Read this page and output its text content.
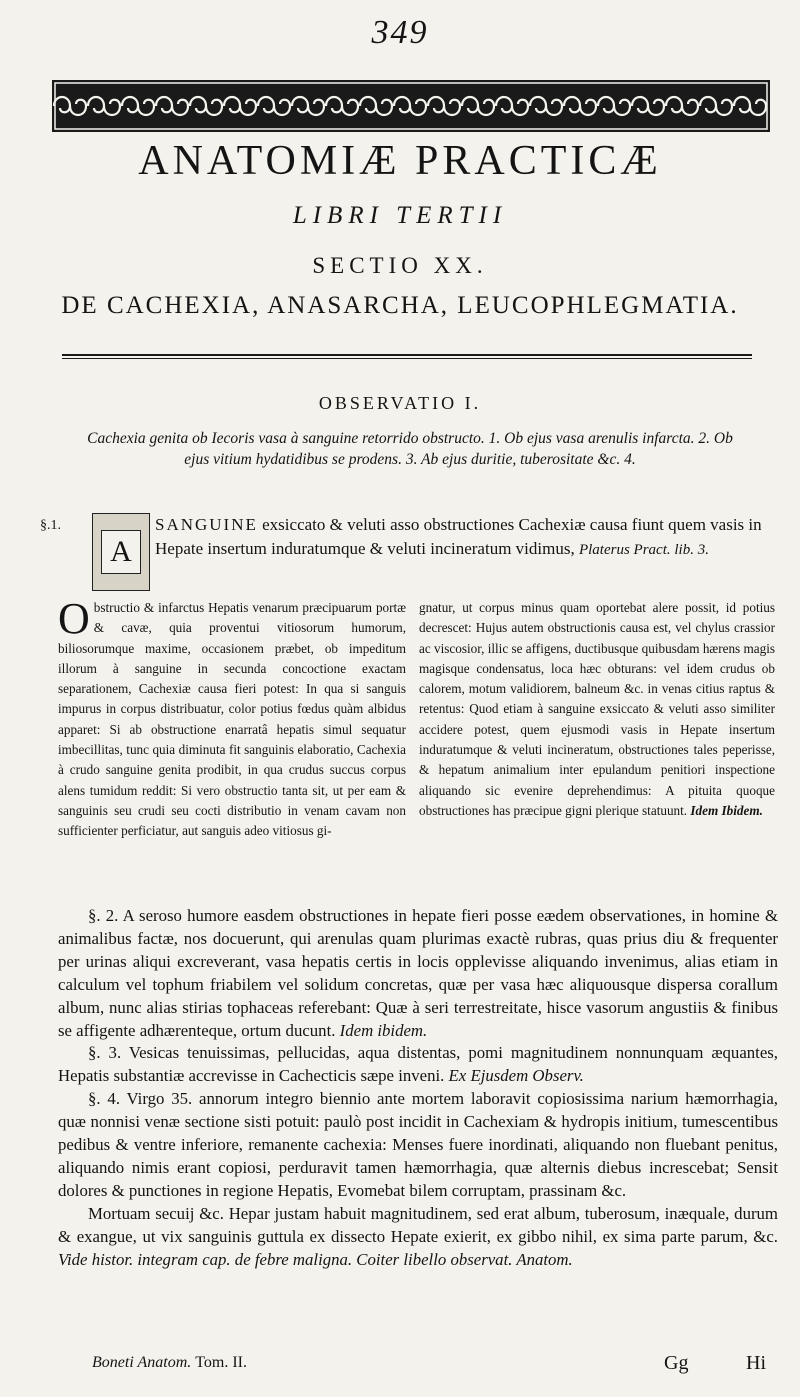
349
ANATOMIÆ PRACTICÆ
LIBRI TERTII
SECTIO XX.
DE CACHEXIA, ANASARCHA, LEUCOPHLEGMATIA.
OBSERVATIO I.
Cachexia genita ob Iecoris vasa à sanguine retorrido obstructo. 1. Ob ejus vasa arenulis infarcta. 2. Ob ejus vitium hydatidibus se prodens. 3. Ab ejus duritie, tuberositate &c. 4.
§.1.
A
SANGUINE exsiccato & veluti asso obstructiones Cachexiæ causa fiunt quem vasis in Hepate insertum induratumque & veluti incineratum vidimus, Platerus Pract. lib. 3.
Obstructio & infarctus Hepatis venarum præcipuarum portæ & cavæ, quia proventui vitiosorum humorum, biliosorumque maxime, occasionem præbet, ob impeditum illorum à sanguine in secunda concoctione exactam separationem, Cachexiæ causa fieri potest: In qua si sanguis impurus in corpus distribuatur, color potius fœdus quàm albidus apparet: Si ab obstructione enarratâ hepatis simul sequatur imbecillitas, tunc quia diminuta fit sanguinis elaboratio, Cachexia à crudo sanguine genita prodibit, in qua crudus succus corpus alens tumidum reddit: Si vero obstructio tanta sit, ut per eam & sanguinis seu crudi seu cocti distributio in venam cavam non sufficienter perficiatur, aut sanguis adeo vitiosus gi-
gnatur, ut corpus minus quam oportebat alere possit, id potius decrescet: Hujus autem obstructionis causa est, vel chylus crassior ac viscosior, illic se affigens, ductibusque quibusdam hærens magis magisque condensatus, loca hæc obturans: vel idem crudus ob calorem, motum validiorem, balneum &c. in venas citius raptus & retentus: Quod etiam à sanguine exsiccato & veluti asso similiter accidere potest, quem ejusmodi vasis in Hepate insertum induratumque & veluti incineratum, obstructiones tales peperisse, & hepatum animalium inter epulandum penitiori inspectione aliquando sic evenire deprehendimus: A pituita quoque obstructiones has præcipue gigni plerique statuunt. Idem Ibidem.

§. 2. A seroso humore easdem obstructiones in hepate fieri posse eædem observationes, in homine & animalibus factæ, nos docuerunt, qui arenulas quam plurimas exactè rubras, quas prius diu & frequenter per urinas aliqui excreverant, vasa hepatis certis in locis opplevisse aliquando invenimus, alias etiam in calculum vel tophum friabilem vel solidum concretas, quæ per vasa hæc aliquousque dispersa corallum album, nunc alias stirias tophaceas referebant: Quæ à seri terrestreitate, hisce vasorum angustiis & finibus se affigente adhærenteque, ortum ducunt. Idem ibidem.

§. 3. Vesicas tenuissimas, pellucidas, aqua distentas, pomi magnitudinem nonnunquam æquantes, Hepatis substantiæ accrevisse in Cachecticis sæpe inveni. Ex Ejusdem Observ.

§. 4. Virgo 35. annorum integro biennio ante mortem laboravit copiosissima narium hæmorrhagia, quæ nonnisi venæ sectione sisti potuit: paulò post incidit in Cachexiam & hydropis initium, tumescentibus pedibus & ventre inferiore, remanente cachexia: Menses fuere inordinati, aliquando non fluebant penitus, aliquando nimis erant copiosi, perduravit tamen hæmorrhagia, quæ alternis diebus increscebat; Sensit dolores & punctiones in regione Hepatis, Evomebat bilem corruptam, prassinam &c.

Mortuam secuij &c. Hepar justam habuit magnitudinem, sed erat album, tuberosum, inæquale, durum & exangue, ut vix sanguinis guttula ex dissecto Hepate exierit, ex gibbo nihil, ex sima parte parum, &c. Vide histor. integram cap. de febre maligna. Coiter libello observat. Anatom.

Boneti Anatom. Tom. II.	Gg	Hi
